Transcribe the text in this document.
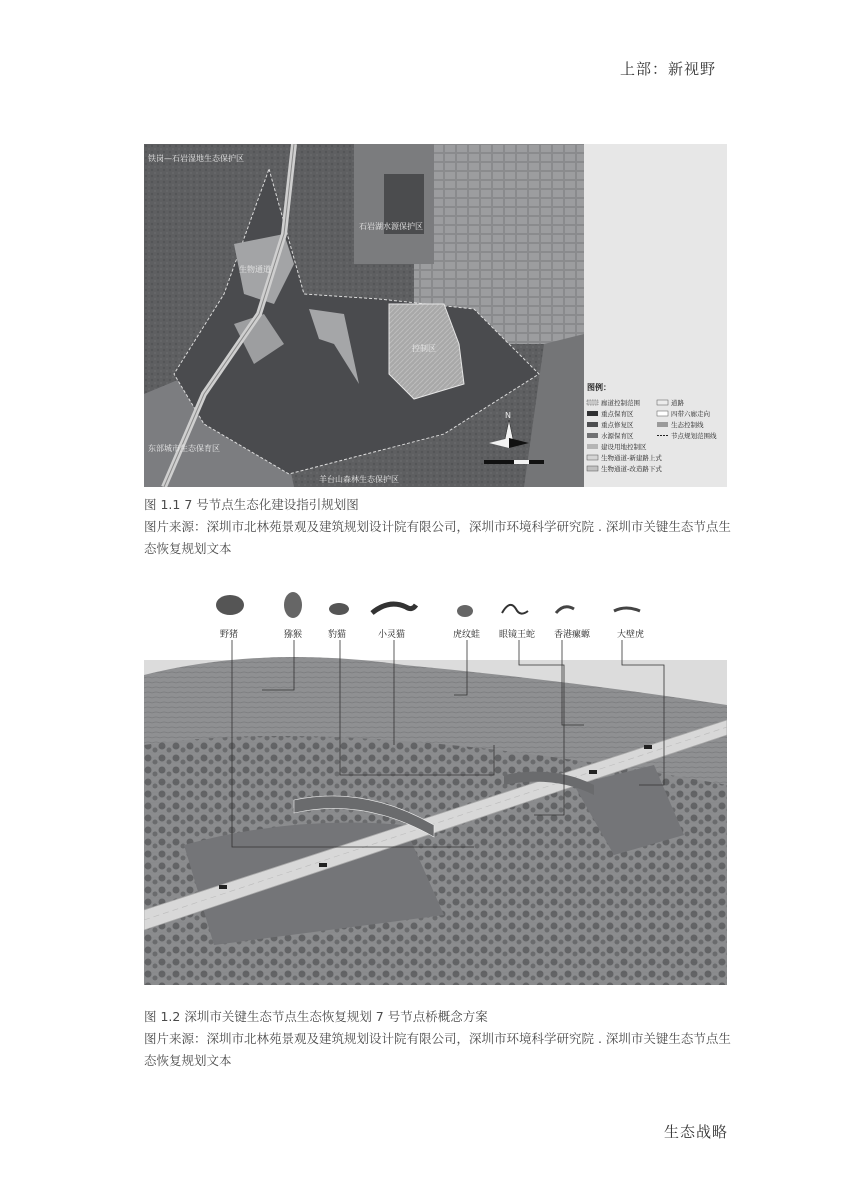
上部：新视野
N
铁岗—石岩湿地生态保护区
生物通道
石岩湖水源保护区
控制区
东部城市生态保育区
羊台山森林生态保护区
图例：
廊道控制范围	道路
重点保育区	四带六廊走向
重点修复区	生态控制线
水源保育区	节点规划范围线
建设用地控制区
生物通道-新建路上式
生物通道-改造路下式

图 1.1 7 号节点生态化建设指引规划图

图片来源：深圳市北林苑景观及建筑规划设计院有限公司，深圳市环境科学研究院 . 深圳市关键生态节点生态恢复规划文本

野猪	猕猴	豹猫	小灵猫	虎纹蛙 眼镜王蛇 香港瘰螈	大壁虎

图 1.2 深圳市关键生态节点生态恢复规划 7 号节点桥概念方案

图片来源：深圳市北林苑景观及建筑规划设计院有限公司，深圳市环境科学研究院 . 深圳市关键生态节点生态恢复规划文本

生态战略
